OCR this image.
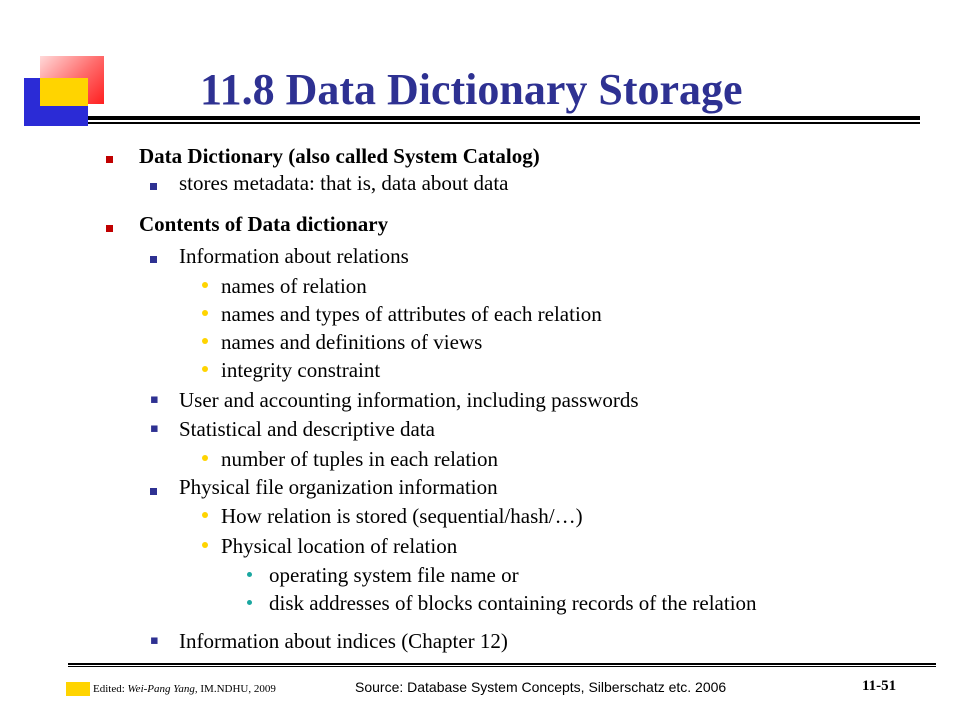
11.8 Data Dictionary Storage
Data Dictionary (also called System Catalog)
stores metadata: that is, data about data
Contents of Data dictionary
Information about relations
names of relation
names and types of attributes of each relation
names and definitions of views
integrity constraint
▪ User and accounting information, including passwords
▪ Statistical and descriptive data
number of tuples in each relation
Physical file organization information
How relation is stored (sequential/hash/…)
Physical location of relation
operating system file name or
disk addresses of blocks containing records of the relation
▪ Information about indices (Chapter 12)
Edited: Wei-Pang Yang, IM.NDHU, 2009	Source: Database System Concepts, Silberschatz etc. 2006	11-51
